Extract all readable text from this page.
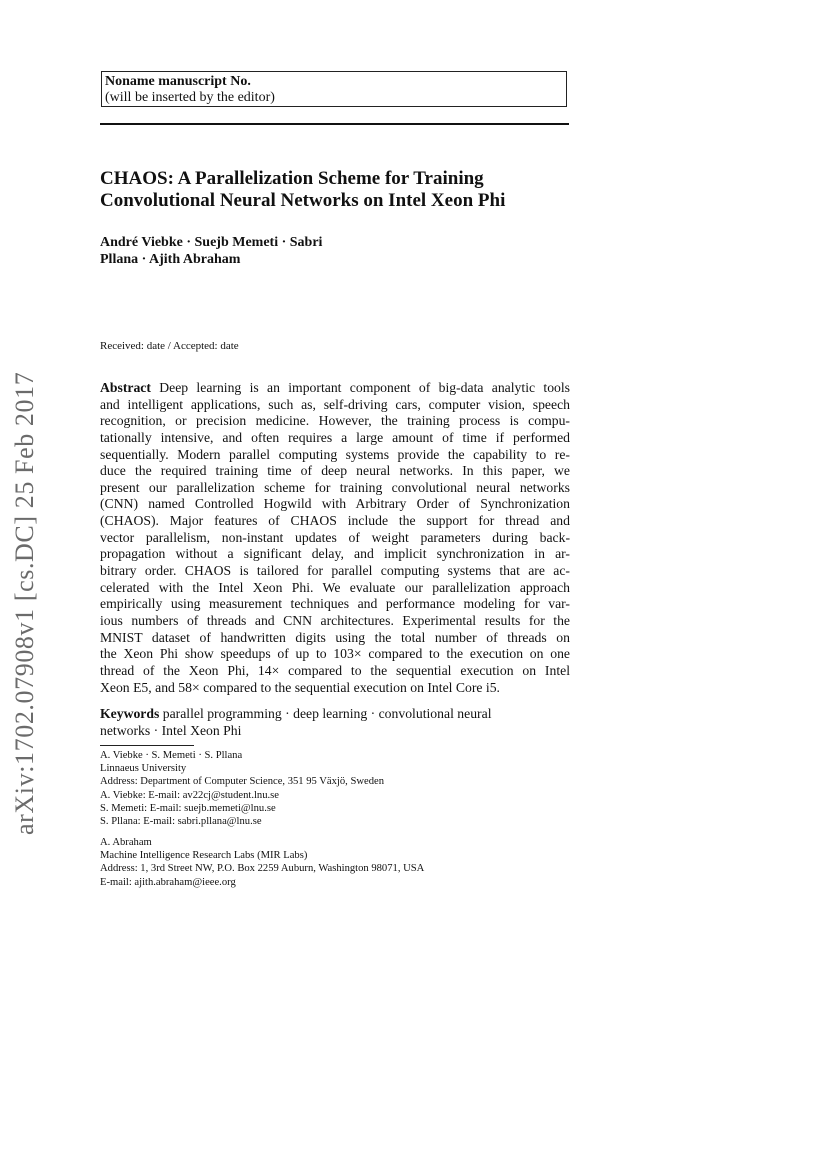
arXiv:1702.07908v1 [cs.DC] 25 Feb 2017
Noname manuscript No.
(will be inserted by the editor)
CHAOS: A Parallelization Scheme for Training
Convolutional Neural Networks on Intel Xeon Phi
André Viebke · Suejb Memeti · Sabri
Pllana · Ajith Abraham
Received: date / Accepted: date
Abstract Deep learning is an important component of big-data analytic tools
and intelligent applications, such as, self-driving cars, computer vision, speech
recognition, or precision medicine. However, the training process is compu-
tationally intensive, and often requires a large amount of time if performed
sequentially. Modern parallel computing systems provide the capability to re-
duce the required training time of deep neural networks. In this paper, we
present our parallelization scheme for training convolutional neural networks
(CNN) named Controlled Hogwild with Arbitrary Order of Synchronization
(CHAOS). Major features of CHAOS include the support for thread and
vector parallelism, non-instant updates of weight parameters during back-
propagation without a significant delay, and implicit synchronization in ar-
bitrary order. CHAOS is tailored for parallel computing systems that are ac-
celerated with the Intel Xeon Phi. We evaluate our parallelization approach
empirically using measurement techniques and performance modeling for var-
ious numbers of threads and CNN architectures. Experimental results for the
MNIST dataset of handwritten digits using the total number of threads on
the Xeon Phi show speedups of up to 103× compared to the execution on one
thread of the Xeon Phi, 14× compared to the sequential execution on Intel
Xeon E5, and 58× compared to the sequential execution on Intel Core i5.
Keywords parallel programming · deep learning · convolutional neural
networks · Intel Xeon Phi
A. Viebke · S. Memeti · S. Pllana
Linnaeus University
Address: Department of Computer Science, 351 95 Växjö, Sweden
A. Viebke: E-mail: av22cj@student.lnu.se
S. Memeti: E-mail: suejb.memeti@lnu.se
S. Pllana: E-mail: sabri.pllana@lnu.se
A. Abraham
Machine Intelligence Research Labs (MIR Labs)
Address: 1, 3rd Street NW, P.O. Box 2259 Auburn, Washington 98071, USA
E-mail: ajith.abraham@ieee.org
